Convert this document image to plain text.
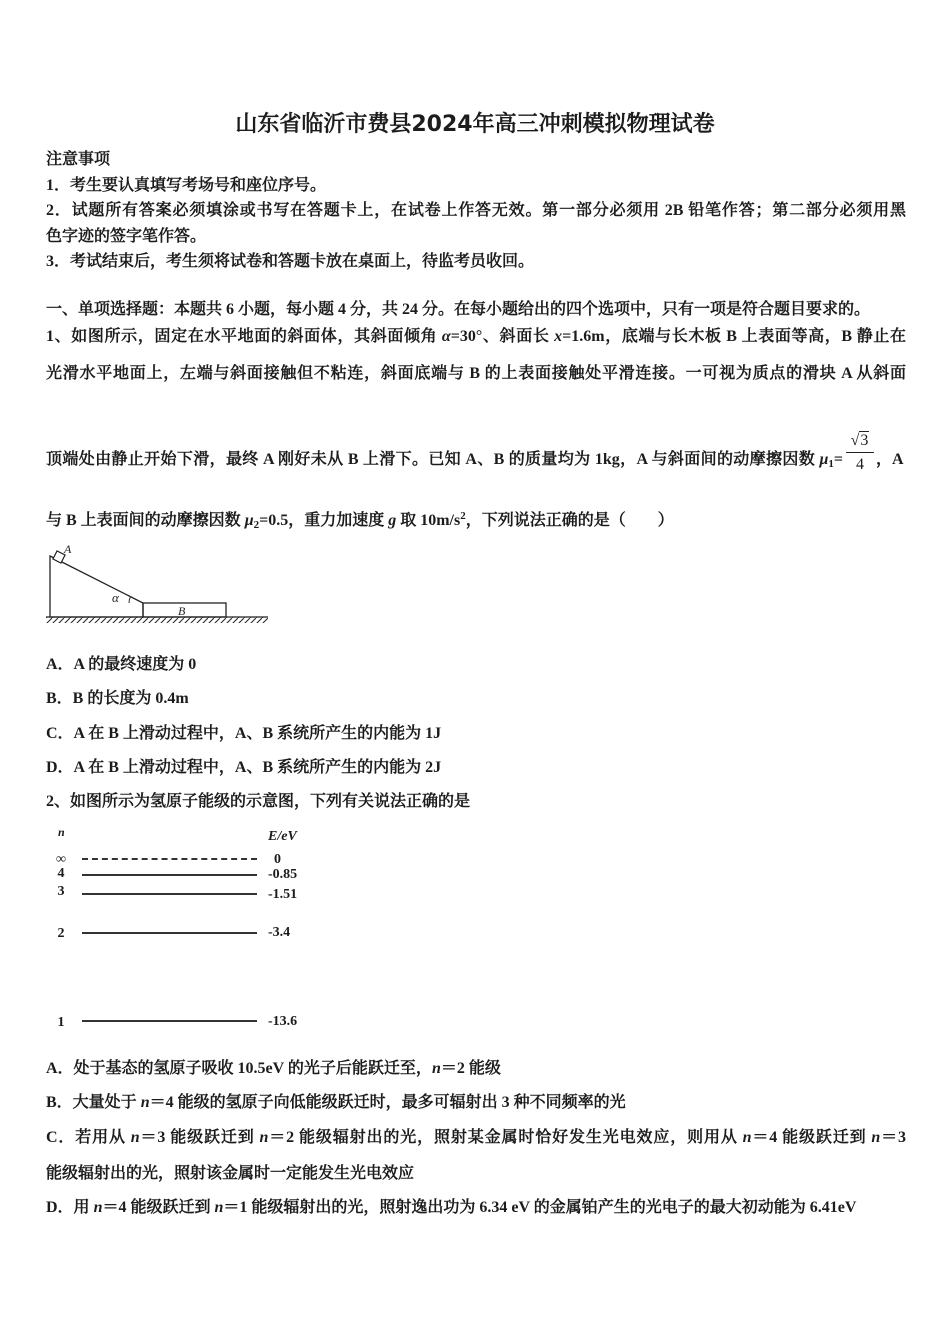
山东省临沂市费县2024年高三冲刺模拟物理试卷
注意事项
1．考生要认真填写考场号和座位序号。
2．试题所有答案必须填涂或书写在答题卡上，在试卷上作答无效。第一部分必须用 2B 铅笔作答；第二部分必须用黑
色字迹的签字笔作答。
3．考试结束后，考生须将试卷和答题卡放在桌面上，待监考员收回。
一、单项选择题：本题共 6 小题，每小题 4 分，共 24 分。在每小题给出的四个选项中，只有一项是符合题目要求的。
1、如图所示，固定在水平地面的斜面体，其斜面倾角 α=30°、斜面长 x=1.6m，底端与长木板 B 上表面等高，B 静止在
光滑水平地面上，左端与斜面接触但不粘连，斜面底端与 B 的上表面接触处平滑连接。一可视为质点的滑块 A 从斜面
顶端处由静止开始下滑，最终 A 刚好未从 B 上滑下。已知 A、B 的质量均为 1kg，A 与斜面间的动摩擦因数 $\mu_1=$
√ 3
4 ，A
与 B 上表面间的动摩擦因数 $\mu_2=0.5$，重力加速度 g 取 $10m/s^2$，下列说法正确的是（　　）
A
α
B
A．A 的最终速度为 0
B．B 的长度为 0.4m
C．A 在 B 上滑动过程中，A、B 系统所产生的内能为 1J
D．A 在 B 上滑动过程中，A、B 系统所产生的内能为 2J
2、如图所示为氢原子能级的示意图，下列有关说法正确的是
n	E/eV
∞	0
4	-0.85
3	-1.51
2	-3.4
1	-13.6
A．处于基态的氢原子吸收 10.5eV 的光子后能跃迁至，n＝2 能级
B．大量处于 n＝4 能级的氢原子向低能级跃迁时，最多可辐射出 3 种不同频率的光
C．若用从 n＝3 能级跃迁到 n＝2 能级辐射出的光，照射某金属时恰好发生光电效应，则用从 n＝4 能级跃迁到 n＝3
能级辐射出的光，照射该金属时一定能发生光电效应
D．用 n＝4 能级跃迁到 n＝1 能级辐射出的光，照射逸出功为 6.34 eV 的金属铂产生的光电子的最大初动能为 6.41eV
